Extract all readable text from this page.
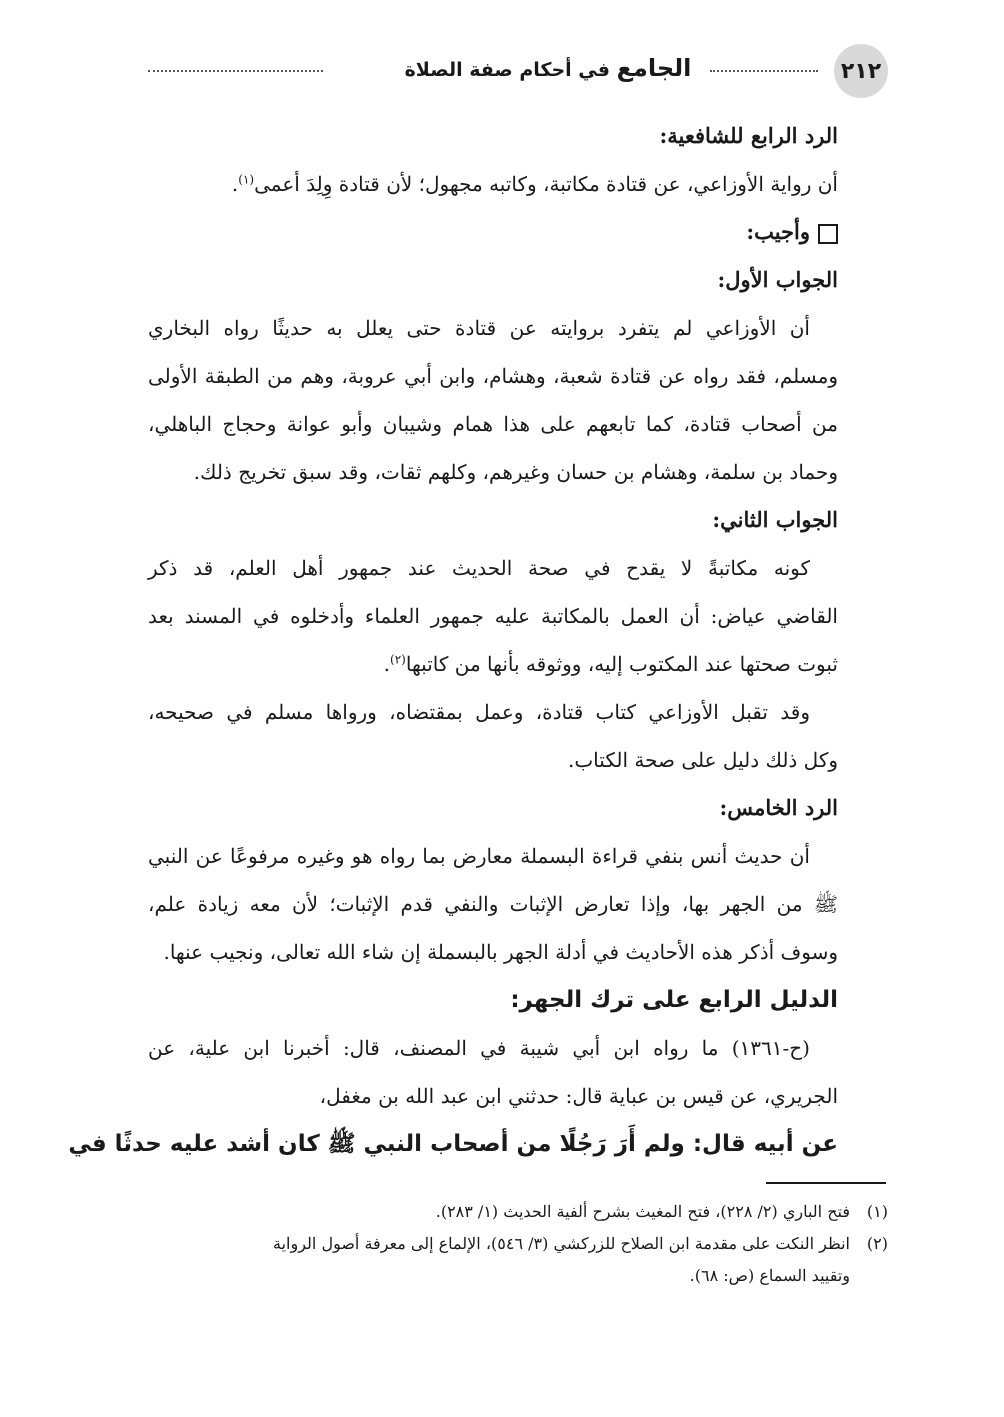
٢١٢
الجامع في أحكام صفة الصلاة
الرد الرابع للشافعية:
أن رواية الأوزاعي، عن قتادة مكاتبة، وكاتبه مجهول؛ لأن قتادة وِلِدَ أعمى$^{(١)}$.
وأجيب:
الجواب الأول:
أن الأوزاعي لم يتفرد بروايته عن قتادة حتى يعلل به حديثًا رواه البخاري
ومسلم، فقد رواه عن قتادة شعبة، وهشام، وابن أبي عروبة، وهم من الطبقة الأولى
من أصحاب قتادة، كما تابعهم على هذا همام وشيبان وأبو عوانة وحجاج الباهلي،
وحماد بن سلمة، وهشام بن حسان وغيرهم، وكلهم ثقات، وقد سبق تخريج ذلك.
الجواب الثاني:
كونه مكاتبةً لا يقدح في صحة الحديث عند جمهور أهل العلم، قد ذكر
القاضي عياض: أن العمل بالمكاتبة عليه جمهور العلماء وأدخلوه في المسند بعد
ثبوت صحتها عند المكتوب إليه، ووثوقه بأنها من كاتبها$^{(٢)}$.
وقد تقبل الأوزاعي كتاب قتادة، وعمل بمقتضاه، ورواها مسلم في صحيحه،
وكل ذلك دليل على صحة الكتاب.
الرد الخامس:
أن حديث أنس بنفي قراءة البسملة معارض بما رواه هو وغيره مرفوعًا عن النبي
ﷺ من الجهر بها، وإذا تعارض الإثبات والنفي قدم الإثبات؛ لأن معه زيادة علم،
وسوف أذكر هذه الأحاديث في أدلة الجهر بالبسملة إن شاء الله تعالى، ونجيب عنها.
الدليل الرابع على ترك الجهر:
(ح-١٣٦١) ما رواه ابن أبي شيبة في المصنف، قال: أخبرنا ابن علية، عن
الجريري، عن قيس بن عباية قال: حدثني ابن عبد الله بن مغفل،
عن أبيه قال: ولم أَرَ رَجُلًا من أصحاب النبي ﷺ كان أشد عليه حدثًا في
(١)فتح الباري (٢/ ٢٢٨)، فتح المغيث بشرح ألفية الحديث (١/ ٢٨٣).
(٢)انظر النكت على مقدمة ابن الصلاح للزركشي (٣/ ٥٤٦)، الإلماع إلى معرفة أصول الرواية
وتقييد السماع (ص: ٦٨).
